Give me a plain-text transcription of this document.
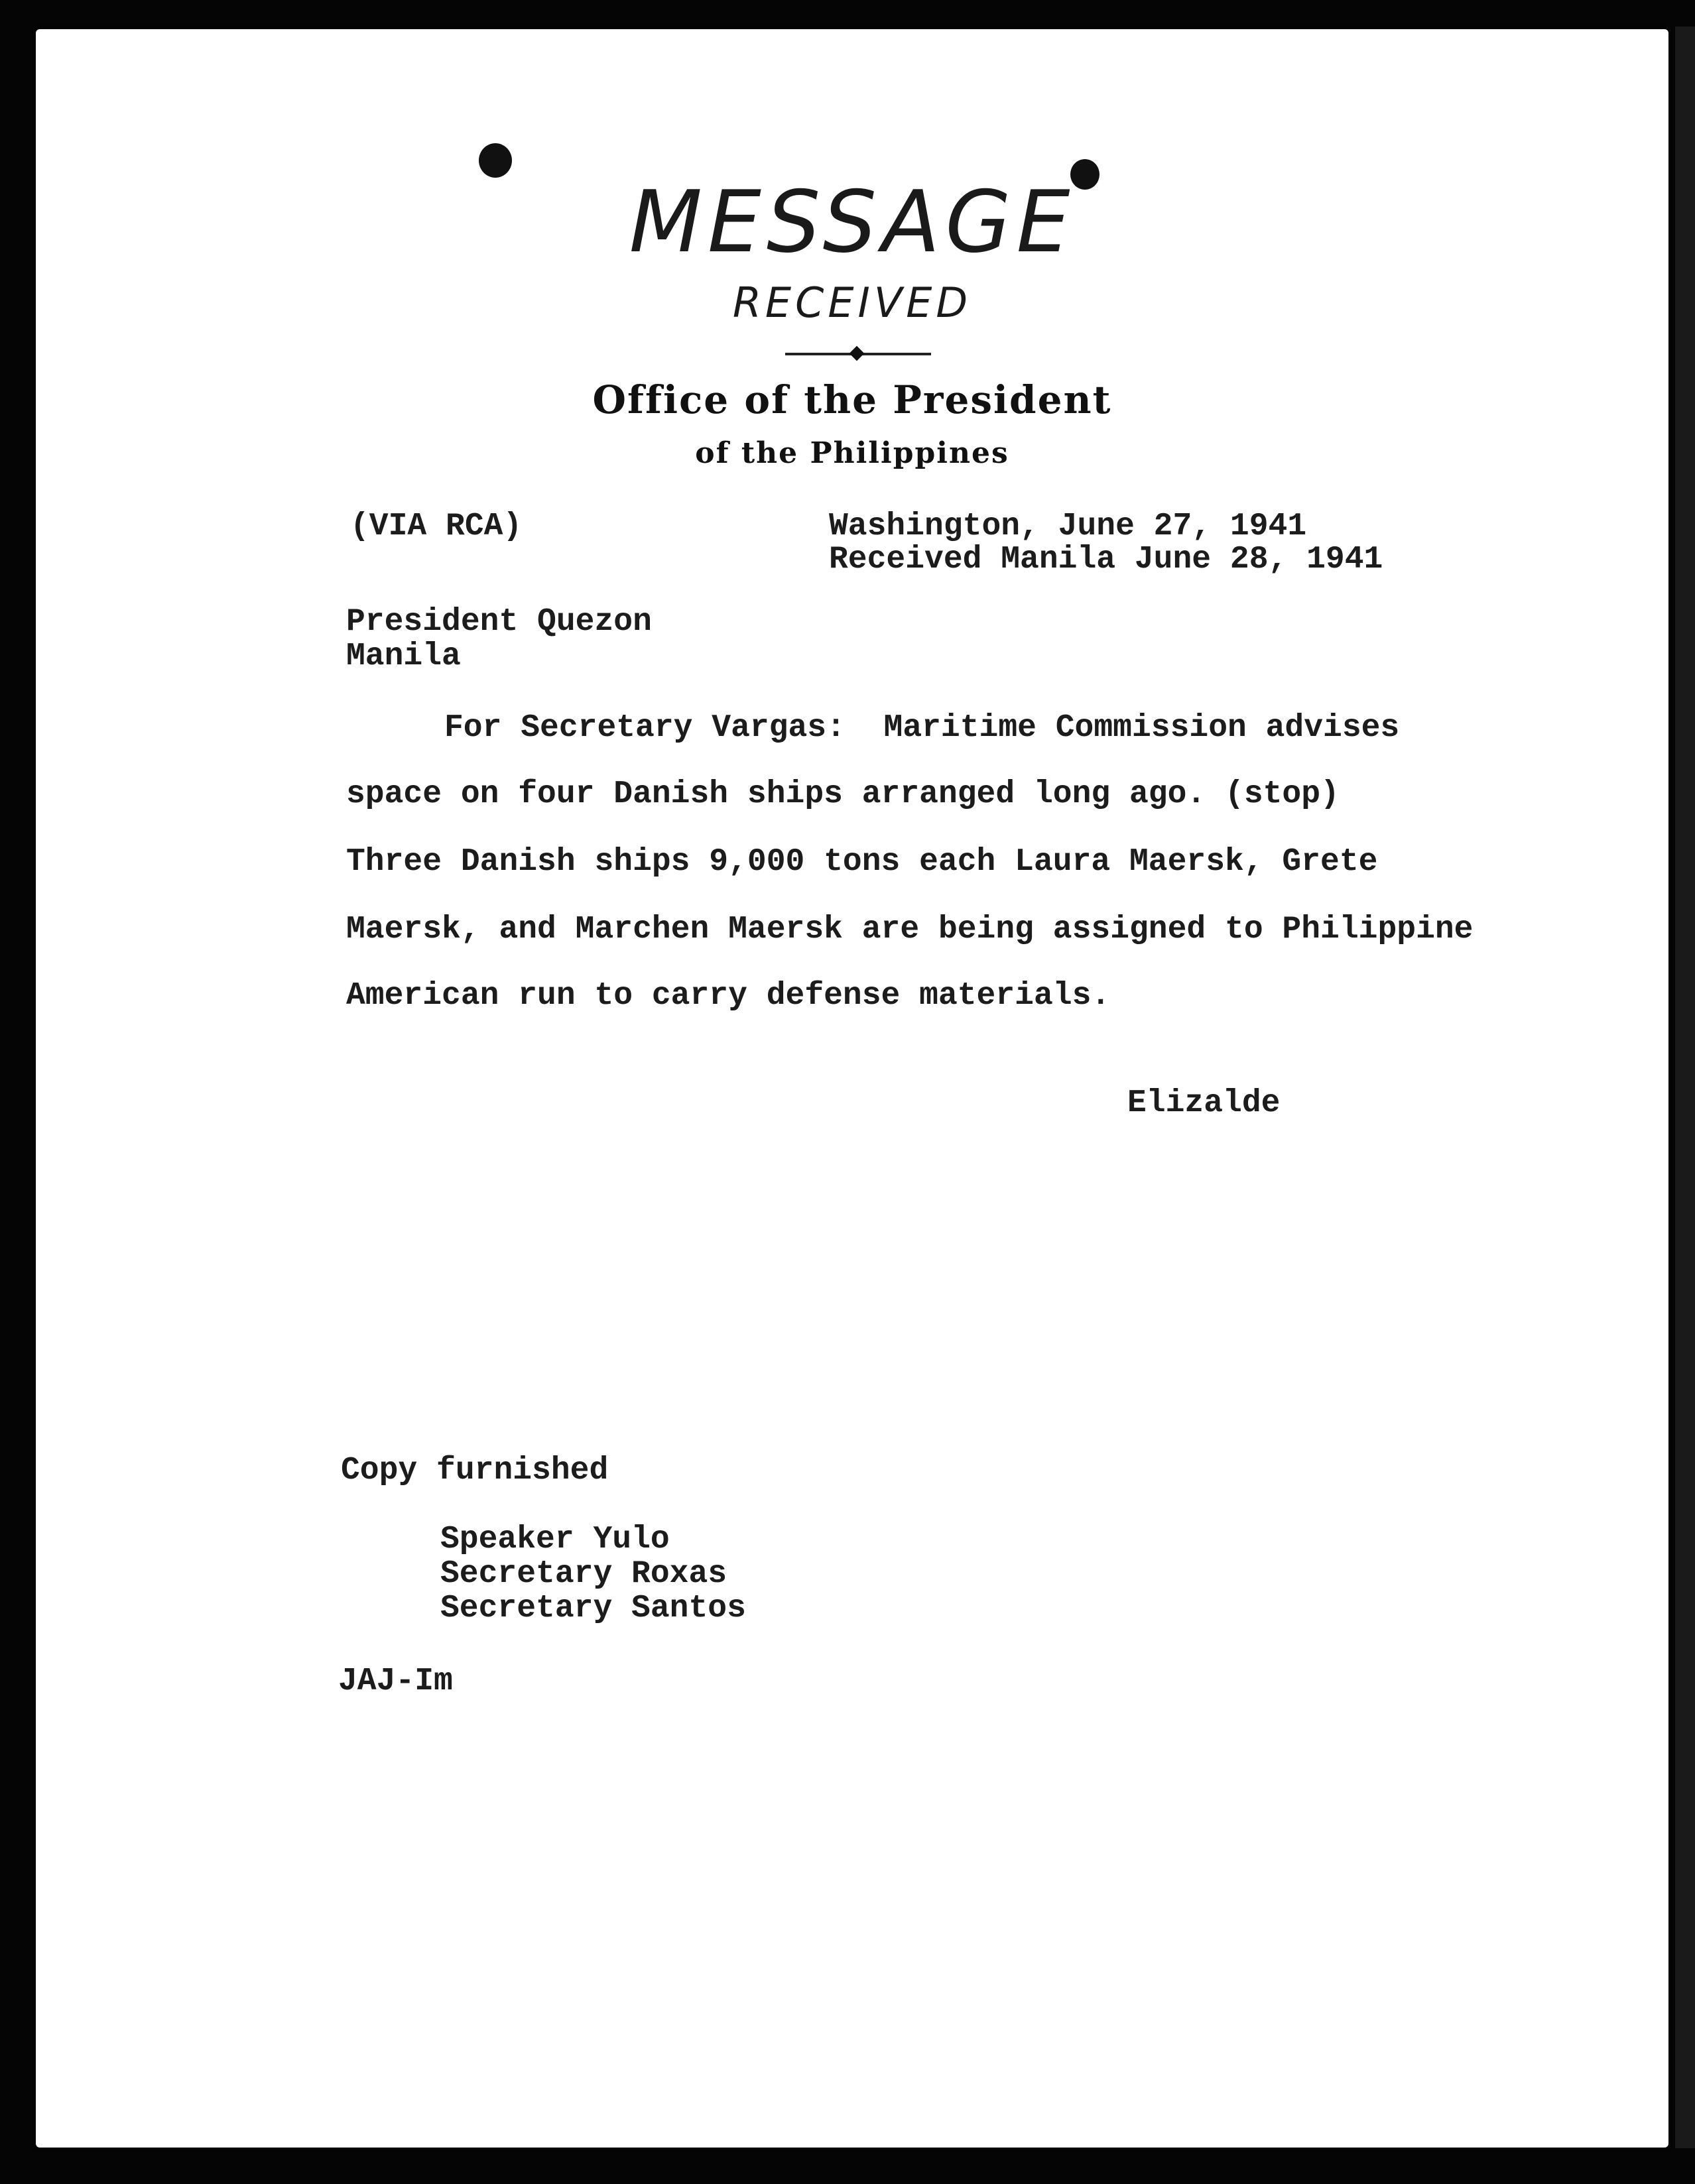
MESSAGE
RECEIVED
Office of the President
of the Philippines
(VIA RCA)	Washington, June 27, 1941
Received Manila June 28, 1941
President Quezon
Manila
For Secretary Vargas:  Maritime Commission advises
space on four Danish ships arranged long ago. (stop)
Three Danish ships 9,000 tons each Laura Maersk, Grete
Maersk, and Marchen Maersk are being assigned to Philippine
American run to carry defense materials.
Elizalde
Copy furnished
Speaker Yulo
Secretary Roxas
Secretary Santos
JAJ-Im
